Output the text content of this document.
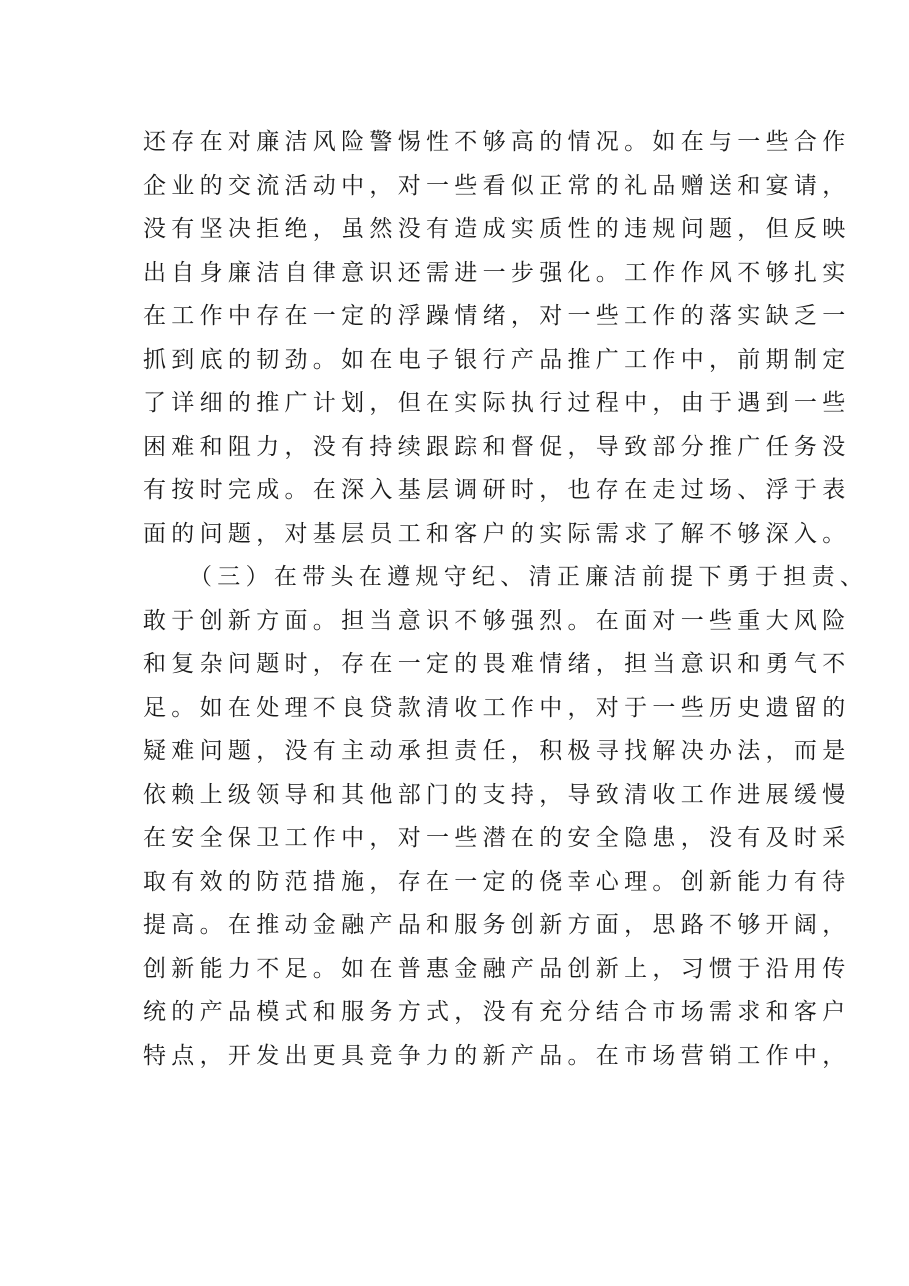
还存在对廉洁风险警惕性不够高的情况。如在与一些合作
企业的交流活动中，对一些看似正常的礼品赠送和宴请，
没有坚决拒绝，虽然没有造成实质性的违规问题，但反映
出自身廉洁自律意识还需进一步强化。工作作风不够扎实
在工作中存在一定的浮躁情绪，对一些工作的落实缺乏一
抓到底的韧劲。如在电子银行产品推广工作中，前期制定
了详细的推广计划，但在实际执行过程中，由于遇到一些
困难和阻力，没有持续跟踪和督促，导致部分推广任务没
有按时完成。在深入基层调研时，也存在走过场、浮于表
面的问题，对基层员工和客户的实际需求了解不够深入。
（三）在带头在遵规守纪、清正廉洁前提下勇于担责、
敢于创新方面。担当意识不够强烈。在面对一些重大风险
和复杂问题时，存在一定的畏难情绪，担当意识和勇气不
足。如在处理不良贷款清收工作中，对于一些历史遗留的
疑难问题，没有主动承担责任，积极寻找解决办法，而是
依赖上级领导和其他部门的支持，导致清收工作进展缓慢
在安全保卫工作中，对一些潜在的安全隐患，没有及时采
取有效的防范措施，存在一定的侥幸心理。创新能力有待
提高。在推动金融产品和服务创新方面，思路不够开阔，
创新能力不足。如在普惠金融产品创新上，习惯于沿用传
统的产品模式和服务方式，没有充分结合市场需求和客户
特点，开发出更具竞争力的新产品。在市场营销工作中，
